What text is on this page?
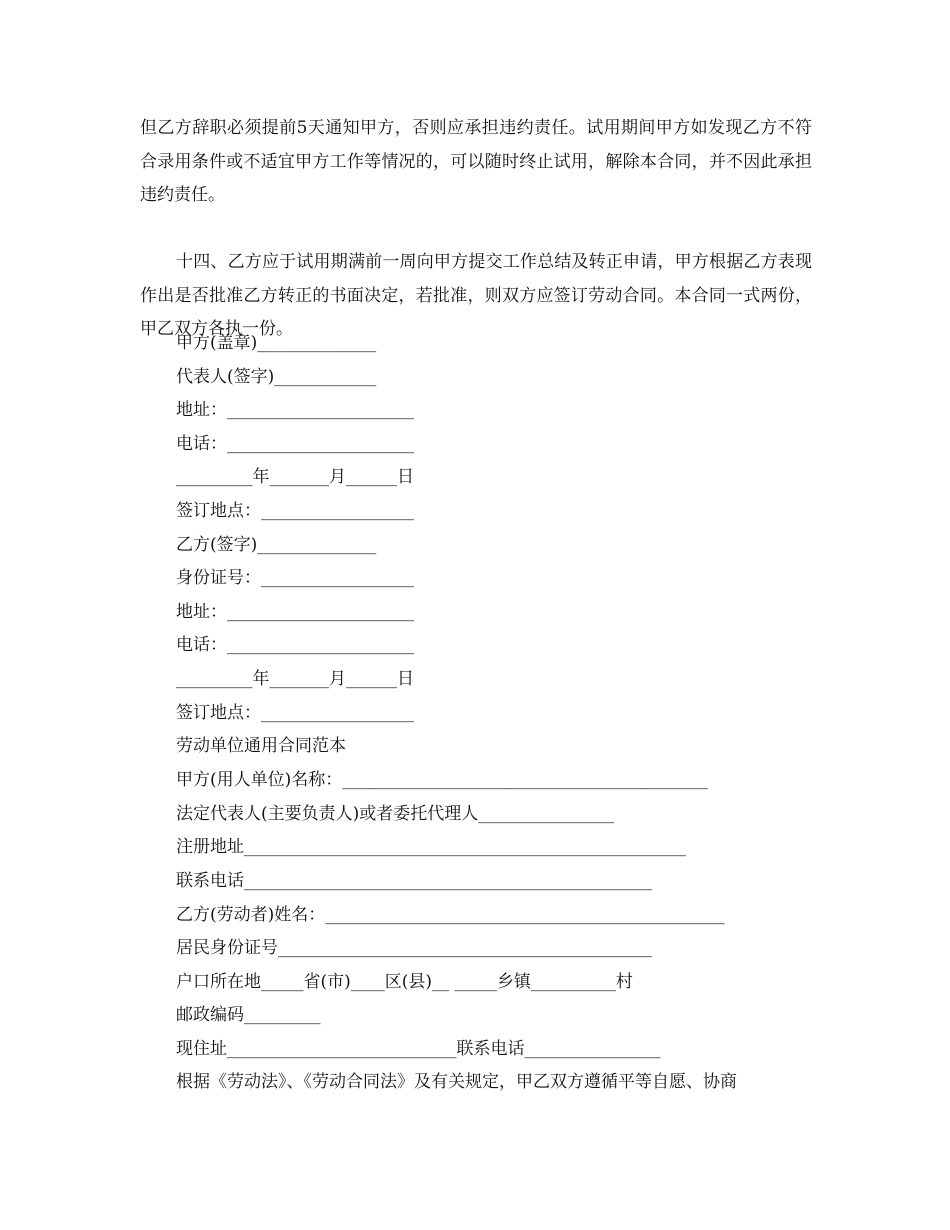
但乙方辞职必须提前5天通知甲方，否则应承担违约责任。试用期间甲方如发现乙方不符合录用条件或不适宜甲方工作等情况的，可以随时终止试用，解除本合同，并不因此承担违约责任。

十四、乙方应于试用期满前一周向甲方提交工作总结及转正申请，甲方根据乙方表现作出是否批准乙方转正的书面决定，若批准，则双方应签订劳动合同。本合同一式两份，甲乙双方各执一份。

甲方(盖章)______________

代表人(签字)____________

地址：______________________

电话：______________________

_________年_______月______日

签订地点：__________________

乙方(签字)______________

身份证号：__________________

地址：______________________

电话：______________________

_________年_______月______日

签订地点：__________________

劳动单位通用合同范本

甲方(用人单位)名称：___________________________________________

法定代表人(主要负责人)或者委托代理人________________

注册地址____________________________________________________

联系电话________________________________________________

乙方(劳动者)姓名：_______________________________________________

居民身份证号____________________________________________

户口所在地_____省(市)____区(县)__ _____乡镇__________村

邮政编码_________

现住址___________________________联系电话________________

根据《劳动法》、《劳动合同法》及有关规定，甲乙双方遵循平等自愿、协商
